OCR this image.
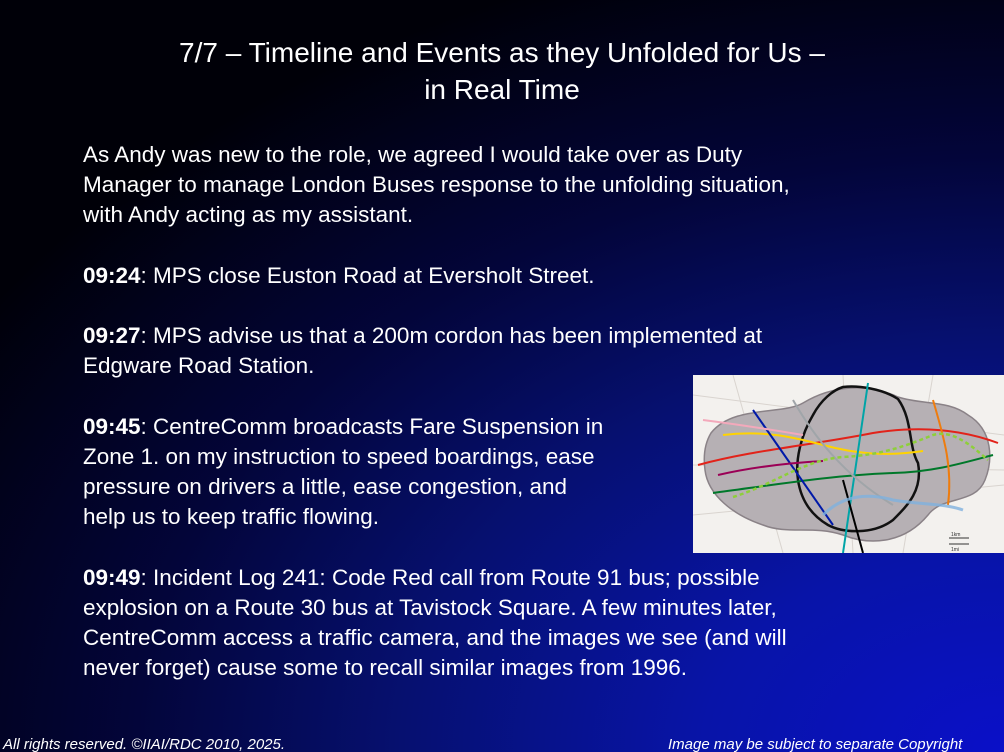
7/7 – Timeline and Events as they Unfolded for Us –
in Real Time

As Andy was new to the role, we agreed I would take over as Duty
Manager to manage London Buses response to the unfolding situation,
with Andy acting as my assistant.

09:24: MPS close Euston Road at Eversholt Street.

09:27: MPS advise us that a 200m cordon has been implemented at
Edgware Road Station.

09:45: CentreComm broadcasts Fare Suspension in
Zone 1. on my instruction to speed boardings, ease
pressure on drivers a little, ease congestion, and
help us to keep traffic flowing.

09:49: Incident Log 241: Code Red call from Route 91 bus; possible
explosion on a Route 30 bus at Tavistock Square. A few minutes later,
CentreComm access a traffic camera, and the images we see (and will
never forget) cause some to recall similar images from 1996.

1km
1mi
All rights reserved. ©IIAI/RDC 2010, 2025.	Image may be subject to separate Copyright
